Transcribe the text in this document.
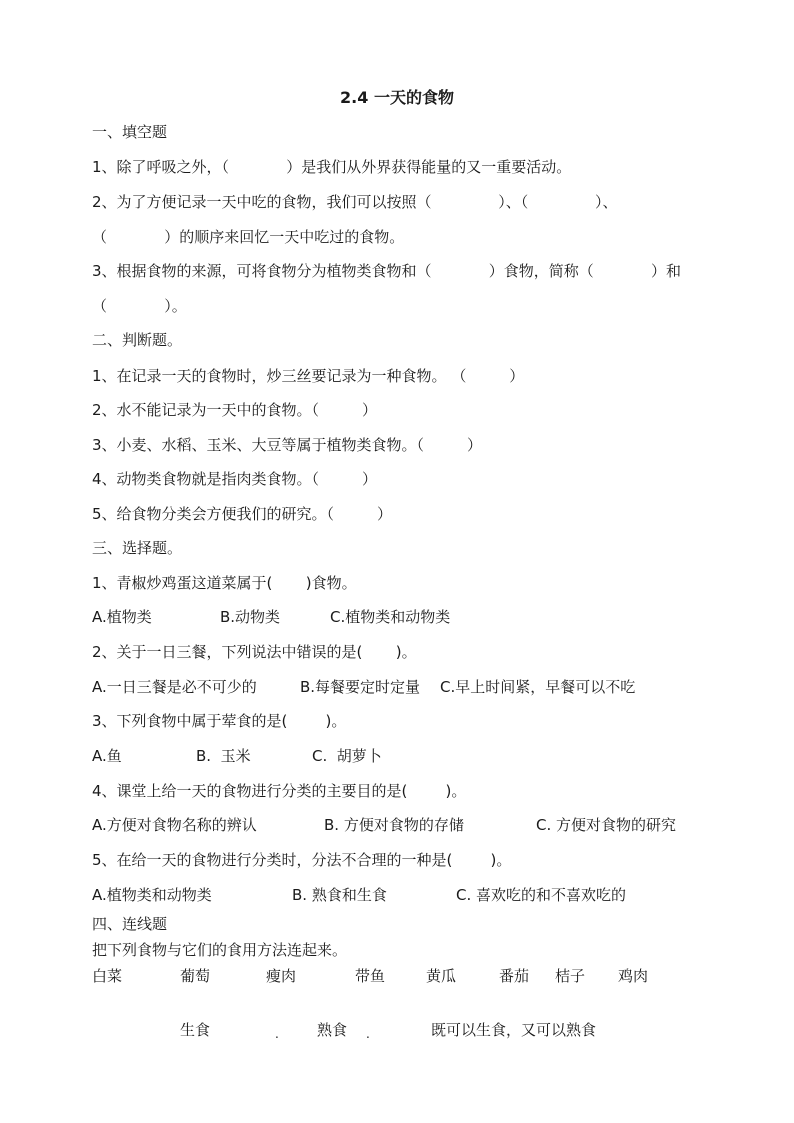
2.4 一天的食物
一、填空题
1、除了呼吸之外，（            ）是我们从外界获得能量的又一重要活动。
2、为了方便记录一天中吃的食物，我们可以按照（              ）、（              ）、
（            ）的顺序来回忆一天中吃过的食物。
3、根据食物的来源，可将食物分为植物类食物和（            ）食物，简称（            ）和
（            ）。
二、判断题。
1、在记录一天的食物时，炒三丝要记录为一种食物。 （         ）
2、水不能记录为一天中的食物。（         ）
3、小麦、水稻、玉米、大豆等属于植物类食物。（         ）
4、动物类食物就是指肉类食物。（         ）
5、给食物分类会方便我们的研究。（         ）
三、选择题。
1、青椒炒鸡蛋这道菜属于(       )食物。
A.植物类	B.动物类	C.植物类和动物类
2、关于一日三餐，下列说法中错误的是(       )。
A.一日三餐是必不可少的	B.每餐要定时定量 C.早上时间紧，早餐可以不吃
3、下列食物中属于荤食的是(        )。
A.鱼	B.  玉米	C.  胡萝卜
4、课堂上给一天的食物进行分类的主要目的是(        )。
A.方便对食物名称的辨认	B. 方便对食物的存储	C. 方便对食物的研究
5、在给一天的食物进行分类时，分法不合理的一种是(        )。
A.植物类和动物类	B. 熟食和生食	C. 喜欢吃的和不喜欢吃的
四、连线题
把下列食物与它们的食用方法连起来。
白菜	葡萄	瘦肉	带鱼	黄瓜	番茄 桔子 鸡肉
生食	.	熟食 .	既可以生食，又可以熟食
